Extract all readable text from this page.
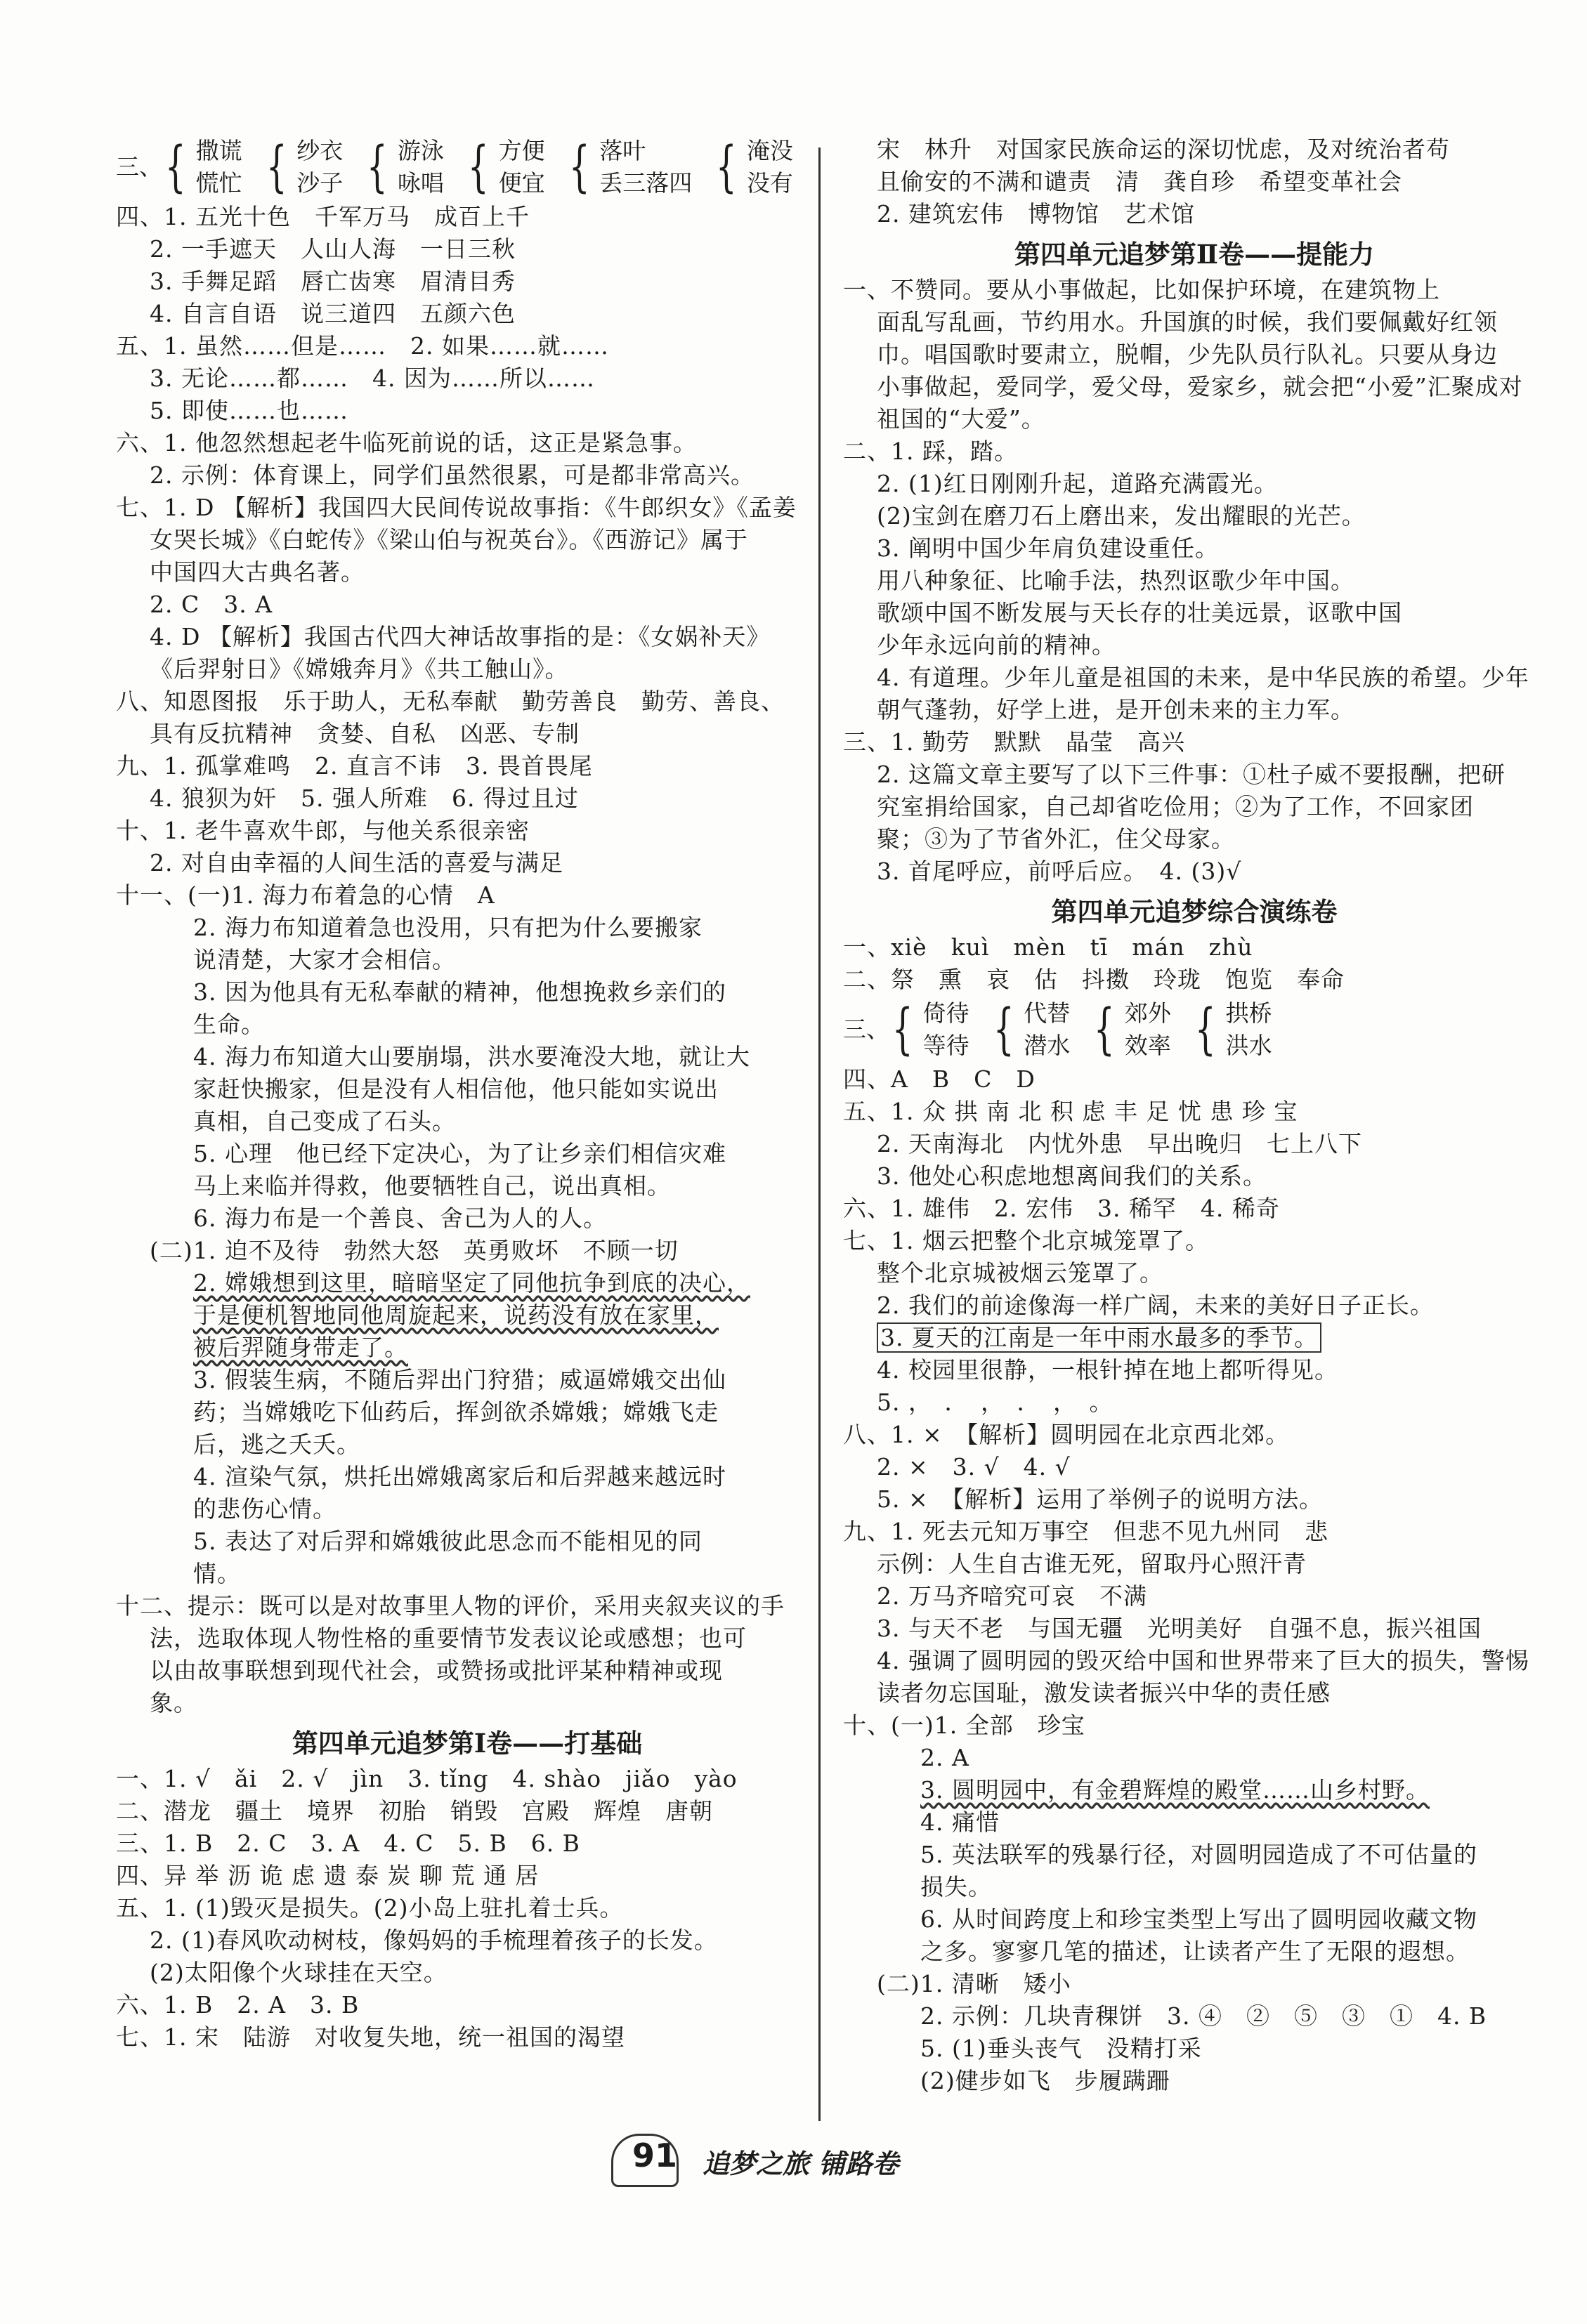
三、 { 撒谎
慌忙 { 纱衣
沙子 { 游泳
咏唱 { 方便
便宜 { 落叶
丢三落四 { 淹没
没有
四、1. 五光十色　千军万马　成百上千
2. 一手遮天　人山人海　一日三秋
3. 手舞足蹈　唇亡齿寒　眉清目秀
4. 自言自语　说三道四　五颜六色
五、1. 虽然……但是……　2. 如果……就……
3. 无论……都……　4. 因为……所以……
5. 即使……也……
六、1. 他忽然想起老牛临死前说的话，这正是紧急事。
2. 示例：体育课上，同学们虽然很累，可是都非常高兴。
七、1. D 【解析】我国四大民间传说故事指：《牛郎织女》《孟姜
女哭长城》《白蛇传》《梁山伯与祝英台》。《西游记》属于
中国四大古典名著。
2. C　3. A
4. D 【解析】我国古代四大神话故事指的是：《女娲补天》
《后羿射日》《嫦娥奔月》《共工触山》。
八、知恩图报　乐于助人，无私奉献　勤劳善良　勤劳、善良、
具有反抗精神　贪婪、自私　凶恶、专制
九、1. 孤掌难鸣　2. 直言不讳　3. 畏首畏尾
4. 狼狈为奸　5. 强人所难　6. 得过且过
十、1. 老牛喜欢牛郎，与他关系很亲密
2. 对自由幸福的人间生活的喜爱与满足
十一、(一)1. 海力布着急的心情　A
2. 海力布知道着急也没用，只有把为什么要搬家
说清楚，大家才会相信。
3. 因为他具有无私奉献的精神，他想挽救乡亲们的
生命。
4. 海力布知道大山要崩塌，洪水要淹没大地，就让大
家赶快搬家，但是没有人相信他，他只能如实说出
真相，自己变成了石头。
5. 心理　他已经下定决心，为了让乡亲们相信灾难
马上来临并得救，他要牺牲自己，说出真相。
6. 海力布是一个善良、舍己为人的人。
(二)1. 迫不及待　勃然大怒　英勇败坏　不顾一切
2. 嫦娥想到这里，暗暗坚定了同他抗争到底的决心，
于是便机智地同他周旋起来，说药没有放在家里，
被后羿随身带走了。
3. 假装生病，不随后羿出门狩猎；威逼嫦娥交出仙
药；当嫦娥吃下仙药后，挥剑欲杀嫦娥；嫦娥飞走
后，逃之夭夭。
4. 渲染气氛，烘托出嫦娥离家后和后羿越来越远时
的悲伤心情。
5. 表达了对后羿和嫦娥彼此思念而不能相见的同
情。
十二、提示：既可以是对故事里人物的评价，采用夹叙夹议的手
法，选取体现人物性格的重要情节发表议论或感想；也可
以由故事联想到现代社会，或赞扬或批评某种精神或现
象。
第四单元追梦第Ⅰ卷——打基础
一、1. √　ǎi　2. √　jìn　3. tǐng　4. shào　jiǎo　yào
二、潜龙　疆土　境界　初胎　销毁　宫殿　辉煌　唐朝
三、1. B　2. C　3. A　4. C　5. B　6. B
四、异 举 沥 诡 虑 遗 泰 炭 聊 荒 通 居
五、1. (1)毁灭是损失。(2)小岛上驻扎着士兵。
2. (1)春风吹动树枝，像妈妈的手梳理着孩子的长发。
(2)太阳像个火球挂在天空。
六、1. B　2. A　3. B
七、1. 宋　陆游　对收复失地，统一祖国的渴望
宋　林升　对国家民族命运的深切忧虑，及对统治者苟
且偷安的不满和谴责　清　龚自珍　希望变革社会
2. 建筑宏伟　博物馆　艺术馆
第四单元追梦第Ⅱ卷——提能力
一、不赞同。要从小事做起，比如保护环境，在建筑物上
面乱写乱画，节约用水。升国旗的时候，我们要佩戴好红领
巾。唱国歌时要肃立，脱帽，少先队员行队礼。只要从身边
小事做起，爱同学，爱父母，爱家乡，就会把“小爱”汇聚成对
祖国的“大爱”。
二、1. 踩，踏。
2. (1)红日刚刚升起，道路充满霞光。
(2)宝剑在磨刀石上磨出来，发出耀眼的光芒。
3. 阐明中国少年肩负建设重任。
用八种象征、比喻手法，热烈讴歌少年中国。
歌颂中国不断发展与天长存的壮美远景，讴歌中国
少年永远向前的精神。
4. 有道理。少年儿童是祖国的未来，是中华民族的希望。少年
朝气蓬勃，好学上进，是开创未来的主力军。
三、1. 勤劳　默默　晶莹　高兴
2. 这篇文章主要写了以下三件事：①杜子威不要报酬，把研
究室捐给国家，自己却省吃俭用；②为了工作，不回家团
聚；③为了节省外汇，住父母家。
3. 首尾呼应，前呼后应。　4. (3)√
第四单元追梦综合演练卷
一、xiè　kuì　mèn　tī　mán　zhù
二、祭　熏　哀　估　抖擞　玲珑　饱览　奉命
三、 { 倚待
等待 { 代替
潜水 { 郊外
效率 { 拱桥
洪水
四、A　B　C　D
五、1. 众 拱 南 北 积 虑 丰 足 忧 患 珍 宝
2. 天南海北　内忧外患　早出晚归　七上八下
3. 他处心积虑地想离间我们的关系。
六、1. 雄伟　2. 宏伟　3. 稀罕　4. 稀奇
七、1. 烟云把整个北京城笼罩了。
整个北京城被烟云笼罩了。
2. 我们的前途像海一样广阔，未来的美好日子正长。
3. 夏天的江南是一年中雨水最多的季节。
4. 校园里很静，一根针掉在地上都听得见。
5. ，　．　，　．　，　。
八、1. ×　【解析】圆明园在北京西北郊。
2. ×　3. √　4. √
5. ×　【解析】运用了举例子的说明方法。
九、1. 死去元知万事空　但悲不见九州同　悲
示例：人生自古谁无死，留取丹心照汗青
2. 万马齐喑究可哀　不满
3. 与天不老　与国无疆　光明美好　自强不息，振兴祖国
4. 强调了圆明园的毁灭给中国和世界带来了巨大的损失，警惕
读者勿忘国耻，激发读者振兴中华的责任感
十、(一)1. 全部　珍宝
2. A
3. 圆明园中，有金碧辉煌的殿堂……山乡村野。
4. 痛惜
5. 英法联军的残暴行径，对圆明园造成了不可估量的
损失。
6. 从时间跨度上和珍宝类型上写出了圆明园收藏文物
之多。寥寥几笔的描述，让读者产生了无限的遐想。
(二)1. 清晰　矮小
2. 示例：几块青稞饼　3. ④　②　⑤　③　①　4. B
5. (1)垂头丧气　没精打采
(2)健步如飞　步履蹒跚
91 追梦之旅 铺路卷
